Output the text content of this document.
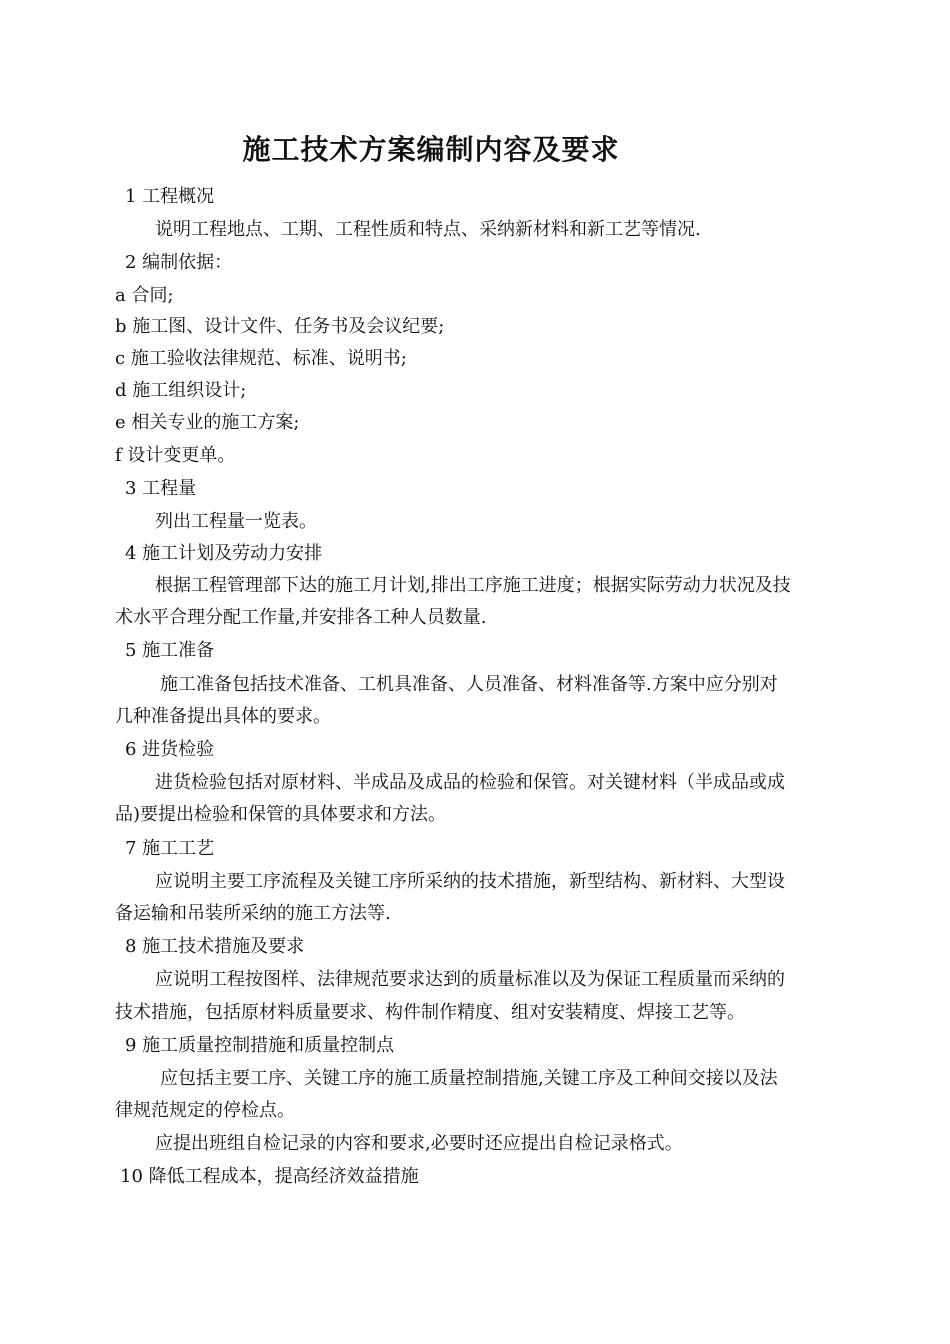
施工技术方案编制内容及要求
1 工程概况
说明工程地点、工期、工程性质和特点、采纳新材料和新工艺等情况.
2 编制依据：
a 合同;
b 施工图、设计文件、任务书及会议纪要;
c 施工验收法律规范、标准、说明书;
d 施工组织设计;
e 相关专业的施工方案;
f 设计变更单。
3 工程量
列出工程量一览表。
4 施工计划及劳动力安排
根据工程管理部下达的施工月计划,排出工序施工进度；根据实际劳动力状况及技
术水平合理分配工作量,并安排各工种人员数量.
5 施工准备
施工准备包括技术准备、工机具准备、人员准备、材料准备等.方案中应分别对
几种准备提出具体的要求。
6 进货检验
进货检验包括对原材料、半成品及成品的检验和保管。对关键材料（半成品或成
品)要提出检验和保管的具体要求和方法。
7 施工工艺
应说明主要工序流程及关键工序所采纳的技术措施，新型结构、新材料、大型设
备运输和吊装所采纳的施工方法等.
8 施工技术措施及要求
应说明工程按图样、法律规范要求达到的质量标准以及为保证工程质量而采纳的
技术措施，包括原材料质量要求、构件制作精度、组对安装精度、焊接工艺等。
9 施工质量控制措施和质量控制点
应包括主要工序、关键工序的施工质量控制措施,关键工序及工种间交接以及法
律规范规定的停检点。
应提出班组自检记录的内容和要求,必要时还应提出自检记录格式。
10 降低工程成本，提高经济效益措施
